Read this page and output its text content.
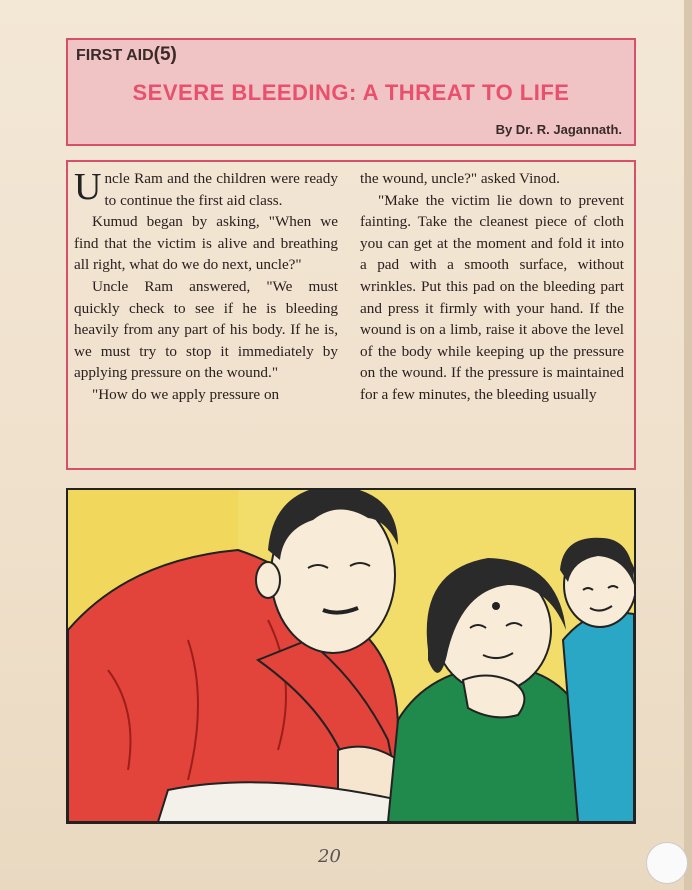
FIRST AID(5)
SEVERE BLEEDING: A THREAT TO LIFE
By Dr. R. Jagannath.

Uncle Ram and the children were ready to continue the first aid class.

Kumud began by asking, "When we find that the victim is alive and breathing all right, what do we do next, uncle?"

Uncle Ram answered, "We must quickly check to see if he is bleeding heavily from any part of his body. If he is, we must try to stop it immediately by applying pressure on the wound."

"How do we apply pressure on

the wound, uncle?" asked Vinod.

"Make the victim lie down to prevent fainting. Take the cleanest piece of cloth you can get at the moment and fold it into a pad with a smooth surface, without wrinkles. Put this pad on the bleeding part and press it firmly with your hand. If the wound is on a limb, raise it above the level of the body while keeping up the pressure on the wound. If the pressure is maintained for a few minutes, the bleeding usually

20
